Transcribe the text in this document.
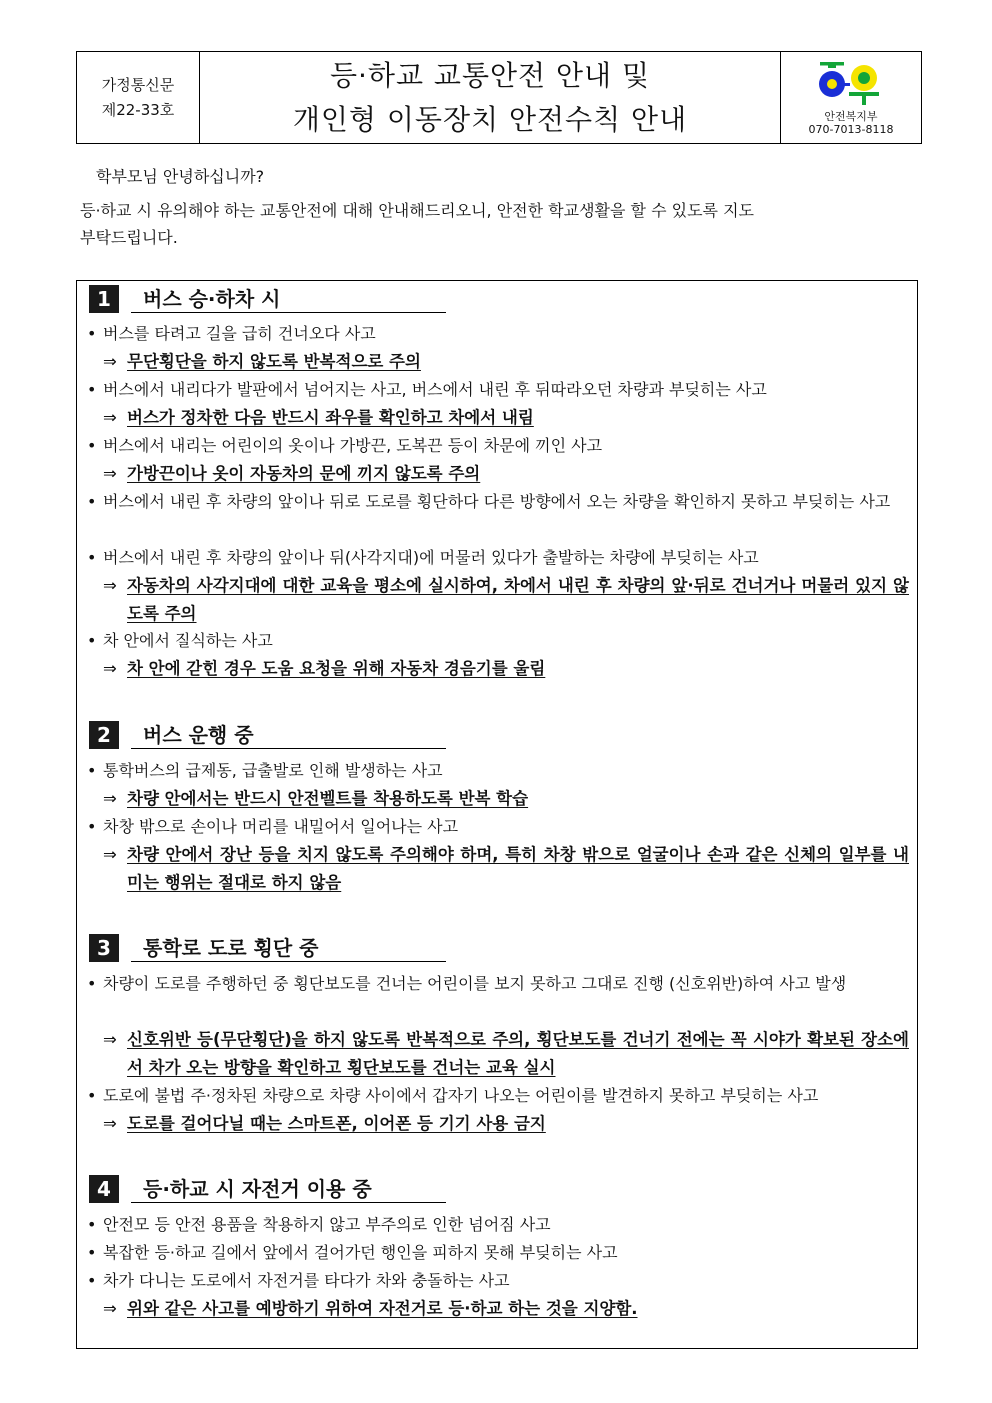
가정통신문
제22-33호
등·하교 교통안전 안내 및
개인형 이동장치 안전수칙 안내	안전복지부
070-7013-8118
학부모님 안녕하십니까?
등·하교 시 유의해야 하는 교통안전에 대해 안내해드리오니, 안전한 학교생활을 할 수 있도록 지도
부탁드립니다.
1	버스 승·하차 시
• 버스를 타려고 길을 급히 건너오다 사고
⇒ 무단횡단을 하지 않도록 반복적으로 주의
• 버스에서 내리다가 발판에서 넘어지는 사고, 버스에서 내린 후 뒤따라오던 차량과 부딪히는 사고
⇒ 버스가 정차한 다음 반드시 좌우를 확인하고 차에서 내림
• 버스에서 내리는 어린이의 옷이나 가방끈, 도복끈 등이 차문에 끼인 사고
⇒ 가방끈이나 옷이 자동차의 문에 끼지 않도록 주의
• 버스에서 내린 후 차량의 앞이나 뒤로 도로를 횡단하다 다른 방향에서 오는 차량을 확인하지 못하고 부딪히는 사고
• 버스에서 내린 후 차량의 앞이나 뒤(사각지대)에 머물러 있다가 출발하는 차량에 부딪히는 사고
⇒ 자동차의 사각지대에 대한 교육을 평소에 실시하여, 차에서 내린 후 차량의 앞·뒤로 건너거나 머물러 있지 않도록 주의
• 차 안에서 질식하는 사고
⇒ 차 안에 갇힌 경우 도움 요청을 위해 자동차 경음기를 울림
2	버스 운행 중
• 통학버스의 급제동, 급출발로 인해 발생하는 사고
⇒ 차량 안에서는 반드시 안전벨트를 착용하도록 반복 학습
• 차창 밖으로 손이나 머리를 내밀어서 일어나는 사고
⇒ 차량 안에서 장난 등을 치지 않도록 주의해야 하며, 특히 차창 밖으로 얼굴이나 손과 같은 신체의 일부를 내미는 행위는 절대로 하지 않음
3	통학로 도로 횡단 중
• 차량이 도로를 주행하던 중 횡단보도를 건너는 어린이를 보지 못하고 그대로 진행 (신호위반)하여 사고 발생
⇒ 신호위반 등(무단횡단)을 하지 않도록 반복적으로 주의, 횡단보도를 건너기 전에는 꼭 시야가 확보된 장소에서 차가 오는 방향을 확인하고 횡단보도를 건너는 교육 실시
• 도로에 불법 주·정차된 차량으로 차량 사이에서 갑자기 나오는 어린이를 발견하지 못하고 부딪히는 사고
⇒ 도로를 걸어다닐 때는 스마트폰, 이어폰 등 기기 사용 금지
4	등·하교 시 자전거 이용 중
• 안전모 등 안전 용품을 착용하지 않고 부주의로 인한 넘어짐 사고
• 복잡한 등·하교 길에서 앞에서 걸어가던 행인을 피하지 못해 부딪히는 사고
• 차가 다니는 도로에서 자전거를 타다가 차와 충돌하는 사고
⇒ 위와 같은 사고를 예방하기 위하여 자전거로 등·하교 하는 것을 지양함.
